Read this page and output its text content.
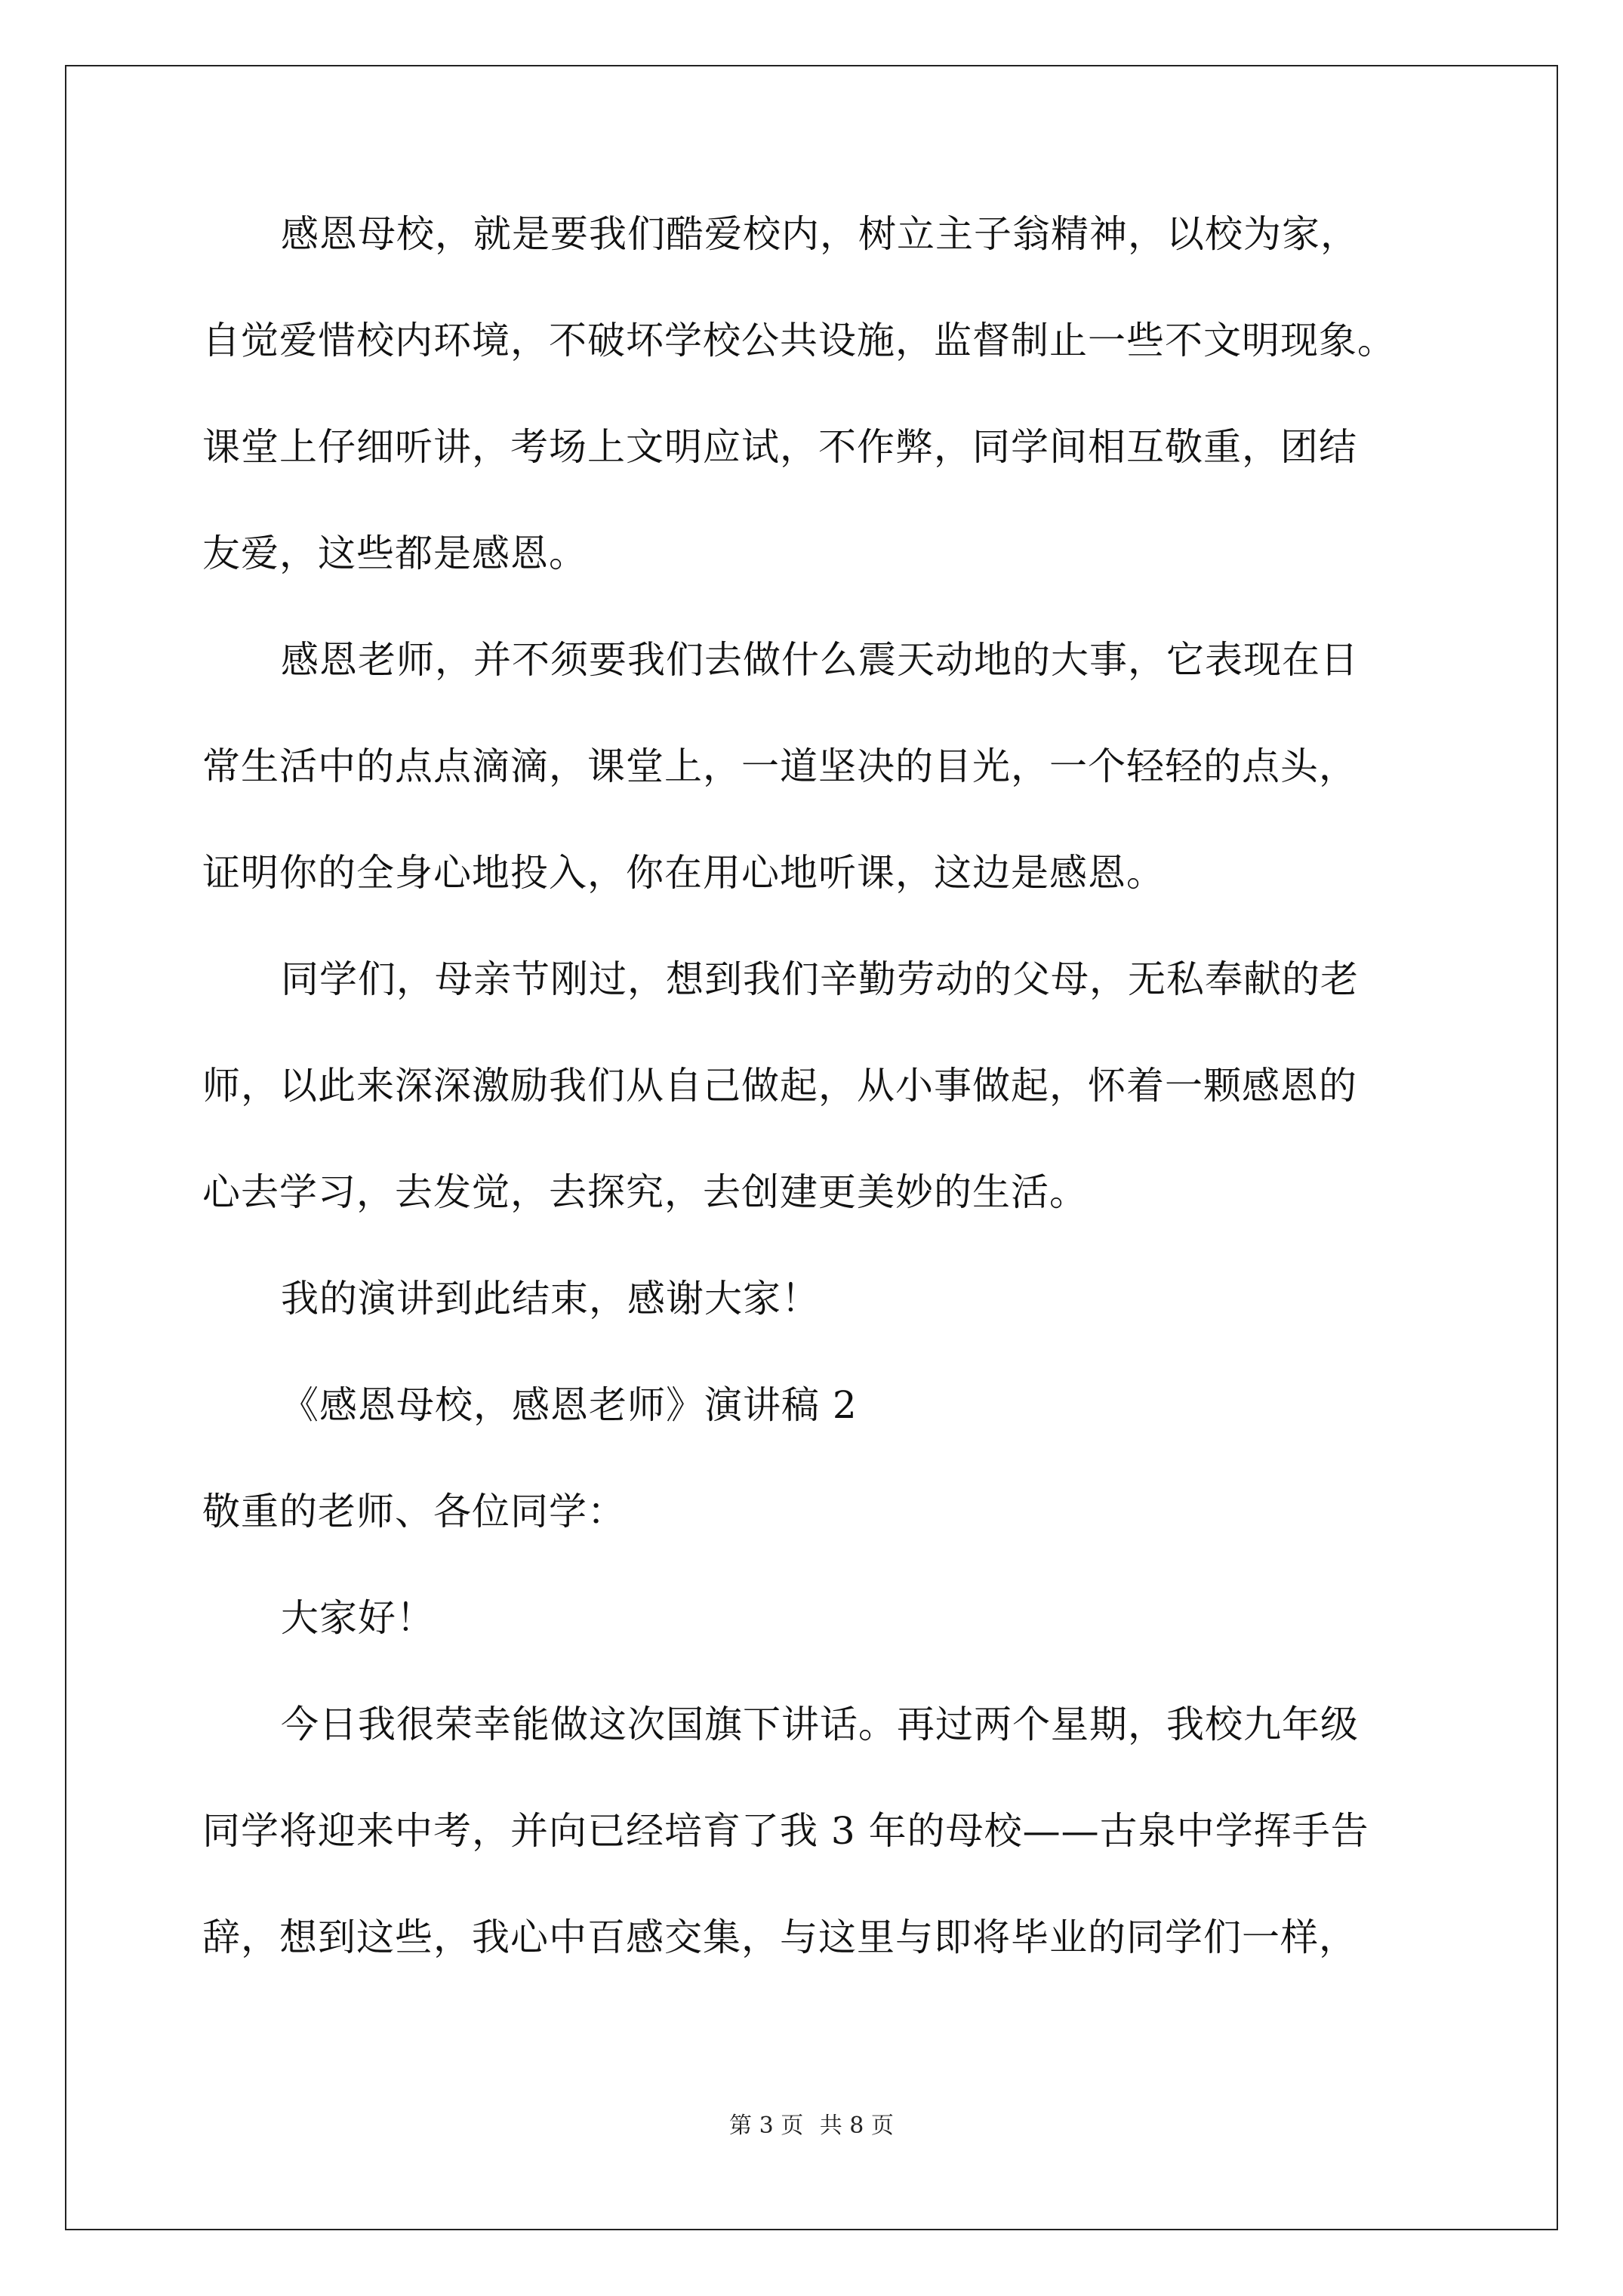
感恩母校，就是要我们酷爱校内，树立主子翁精神，以校为家，
自觉爱惜校内环境，不破坏学校公共设施，监督制止一些不文明现象。
课堂上仔细听讲，考场上文明应试，不作弊，同学间相互敬重，团结
友爱，这些都是感恩。
感恩老师，并不须要我们去做什么震天动地的大事，它表现在日
常生活中的点点滴滴，课堂上，一道坚决的目光，一个轻轻的点头，
证明你的全身心地投入，你在用心地听课，这边是感恩。
同学们，母亲节刚过，想到我们辛勤劳动的父母，无私奉献的老
师，以此来深深激励我们从自己做起，从小事做起，怀着一颗感恩的
心去学习，去发觉，去探究，去创建更美妙的生活。
我的演讲到此结束，感谢大家！
《感恩母校，感恩老师》演讲稿 2
敬重的老师、各位同学：
大家好！
今日我很荣幸能做这次国旗下讲话。再过两个星期，我校九年级
同学将迎来中考，并向已经培育了我 3 年的母校——古泉中学挥手告
辞，想到这些，我心中百感交集，与这里与即将毕业的同学们一样，
第 3 页 共 8 页
